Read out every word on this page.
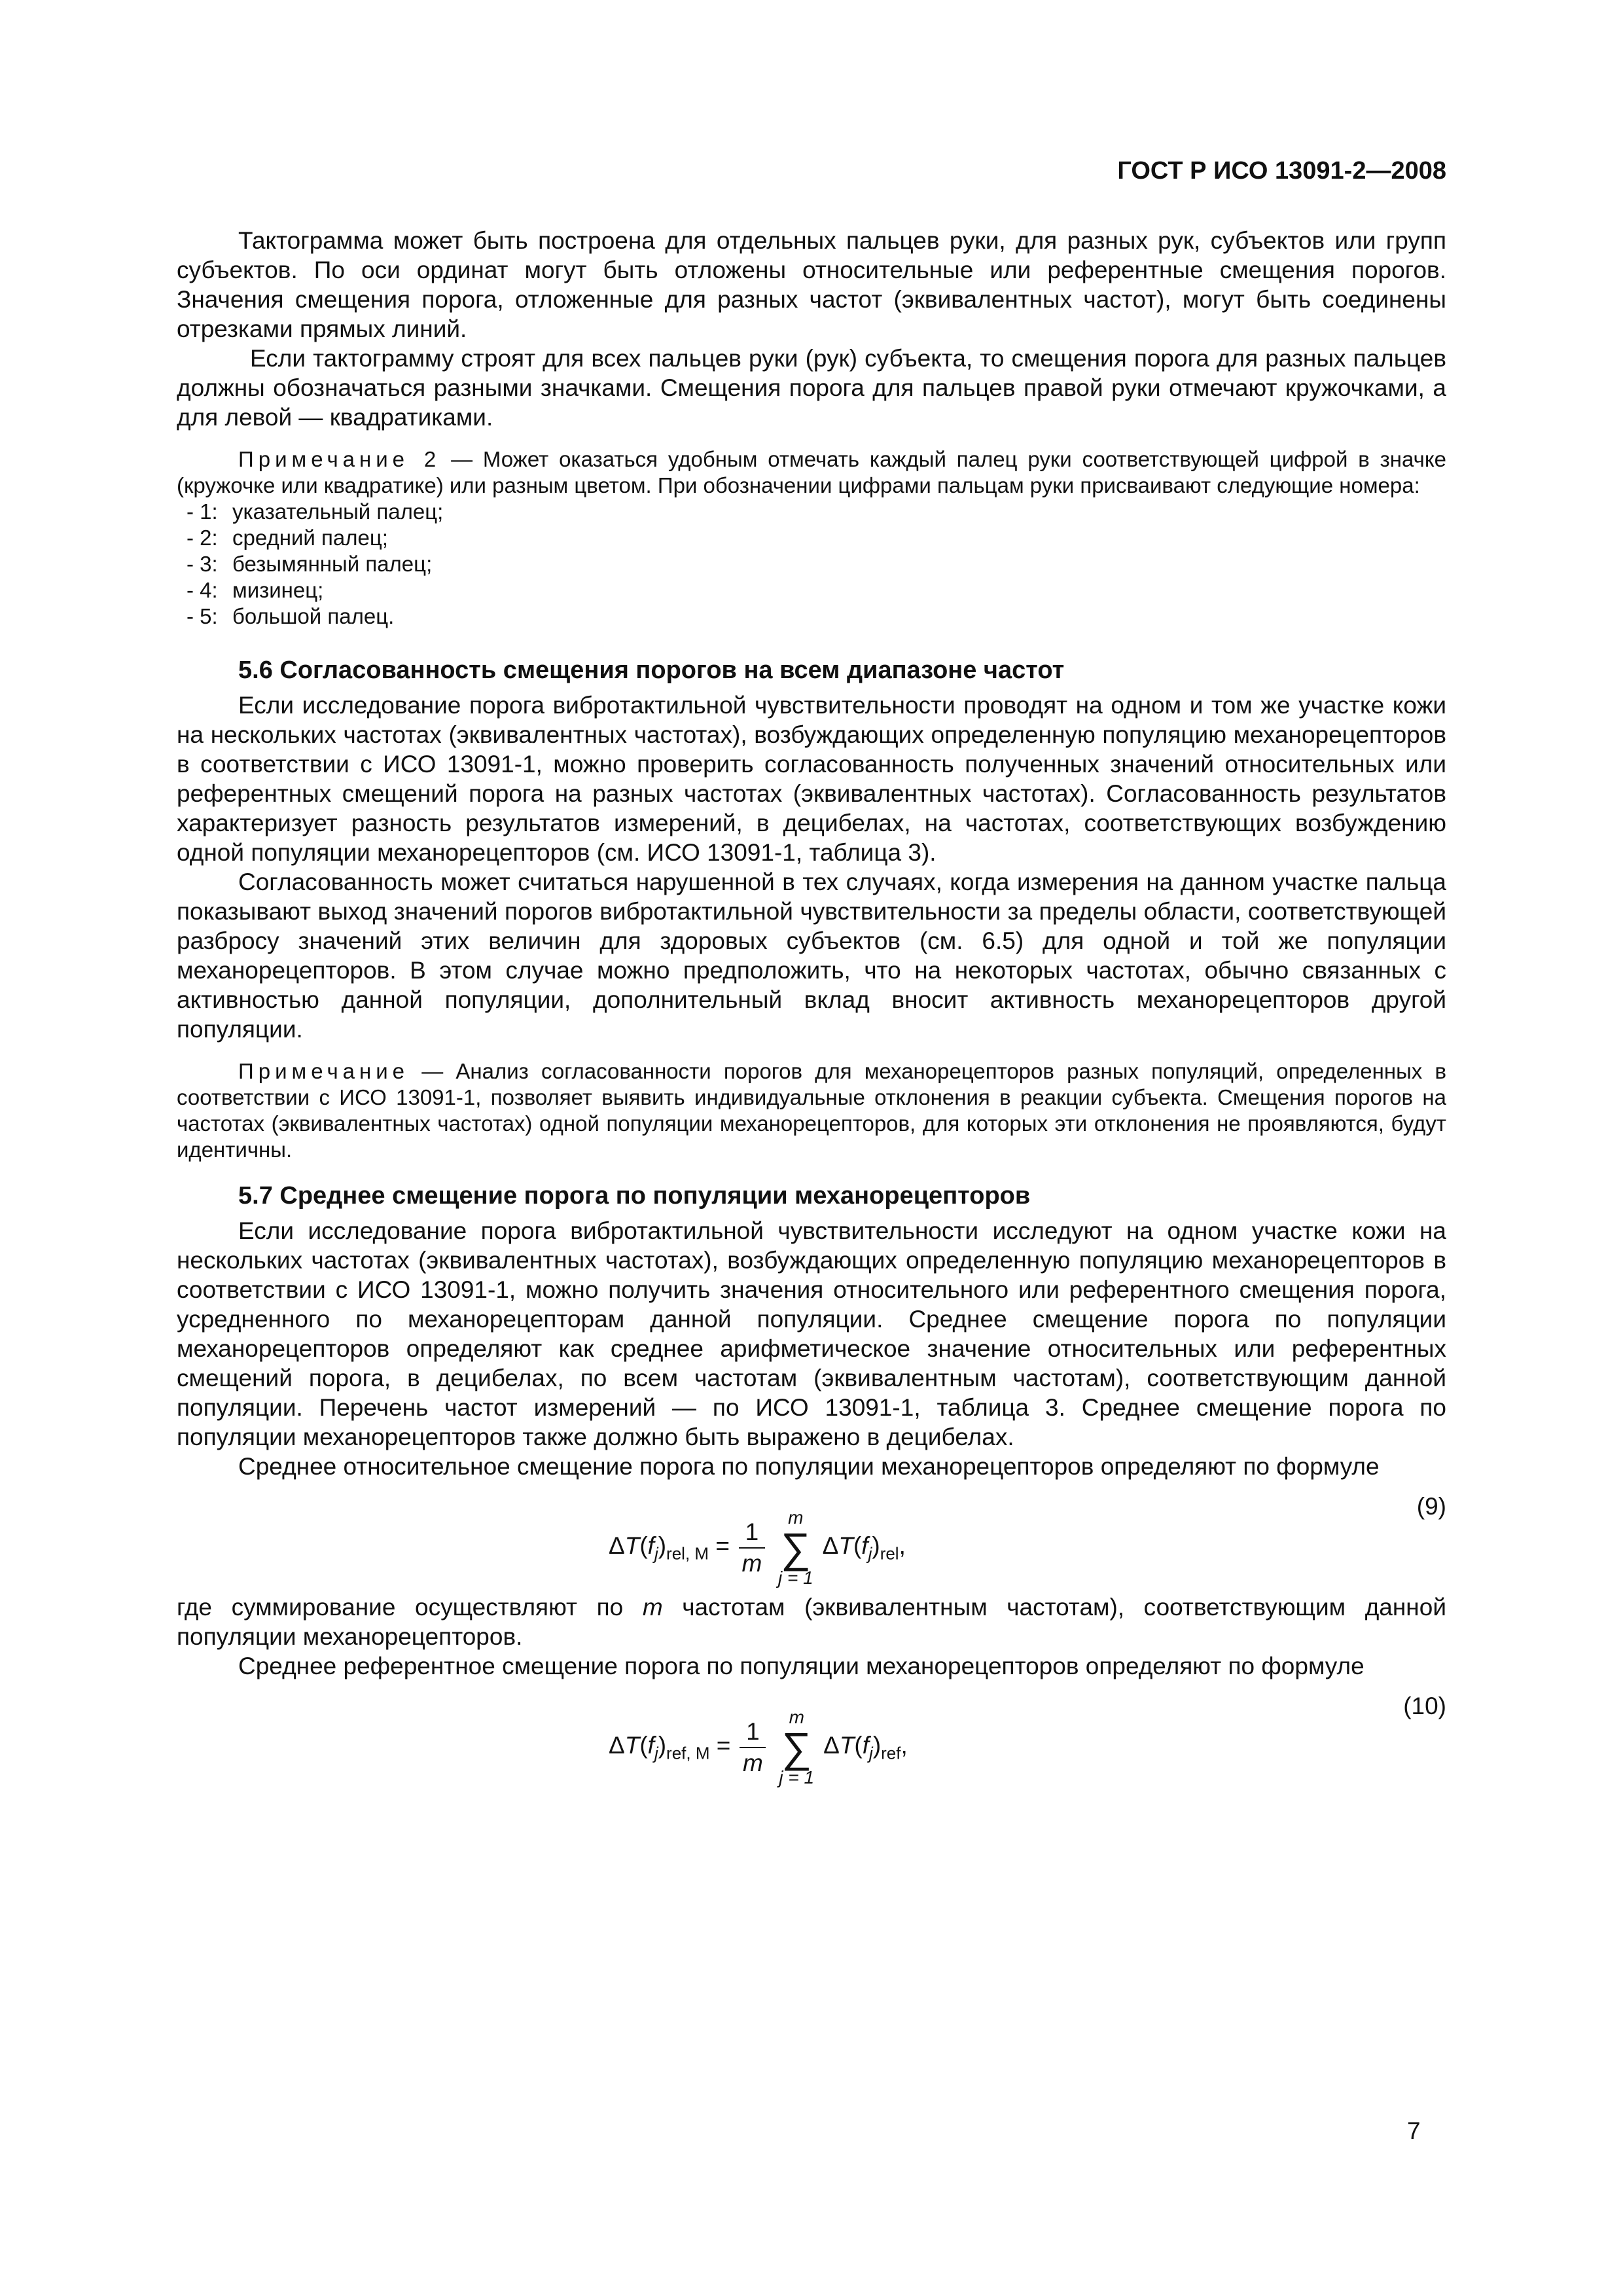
ГОСТ Р ИСО 13091-2—2008

Тактограмма может быть построена для отдельных пальцев руки, для разных рук, субъектов или групп субъектов. По оси ординат могут быть отложены относительные или референтные смещения порогов. Значения смещения порога, отложенные для разных частот (эквивалентных частот), могут быть соединены отрезками прямых линий.

Если тактограмму строят для всех пальцев руки (рук) субъекта, то смещения порога для разных пальцев должны обозначаться разными значками. Смещения порога для пальцев правой руки отмечают кружочками, а для левой — квадратиками.

Примечание 2 — Может оказаться удобным отмечать каждый палец руки соответствующей цифрой в значке (кружочке или квадратике) или разным цветом. При обозначении цифрами пальцам руки присваивают следующие номера:
- 1: указательный палец;
- 2: средний палец;
- 3: безымянный палец;
- 4: мизинец;
- 5: большой палец.
5.6 Согласованность смещения порогов на всем диапазоне частот

Если исследование порога вибротактильной чувствительности проводят на одном и том же участке кожи на нескольких частотах (эквивалентных частотах), возбуждающих определенную популяцию механорецепторов в соответствии с ИСО 13091-1, можно проверить согласованность полученных значений относительных или референтных смещений порога на разных частотах (эквивалентных частотах). Согласованность результатов характеризует разность результатов измерений, в децибелах, на частотах, соответствующих возбуждению одной популяции механорецепторов (см. ИСО 13091-1, таблица 3).

Согласованность может считаться нарушенной в тех случаях, когда измерения на данном участке пальца показывают выход значений порогов вибротактильной чувствительности за пределы области, соответствующей разбросу значений этих величин для здоровых субъектов (см. 6.5) для одной и той же популяции механорецепторов. В этом случае можно предположить, что на некоторых частотах, обычно связанных с активностью данной популяции, дополнительный вклад вносит активность механорецепторов другой популяции.

Примечание — Анализ согласованности порогов для механорецепторов разных популяций, определенных в соответствии с ИСО 13091-1, позволяет выявить индивидуальные отклонения в реакции субъекта. Смещения порогов на частотах (эквивалентных частотах) одной популяции механорецепторов, для которых эти отклонения не проявляются, будут идентичны.
5.7 Среднее смещение порога по популяции механорецепторов

Если исследование порога вибротактильной чувствительности исследуют на одном участке кожи на нескольких частотах (эквивалентных частотах), возбуждающих определенную популяцию механорецепторов в соответствии с ИСО 13091-1, можно получить значения относительного или референтного смещения порога, усредненного по механорецепторам данной популяции. Среднее смещение порога по популяции механорецепторов определяют как среднее арифметическое значение относительных или референтных смещений порога, в децибелах, по всем частотам (эквивалентным частотам), соответствующим данной популяции. Перечень частот измерений — по ИСО 13091-1, таблица 3. Среднее смещение порога по популяции механорецепторов также должно быть выражено в децибелах.

Среднее относительное смещение порога по популяции механорецепторов определяют по формуле

$\Delta T(f_j)_{rel, M} = \frac{1}{m}$
m
∑
j = 1
$\Delta T(f_j)_{rel}$,
(9)

где суммирование осуществляют по m частотам (эквивалентным частотам), соответствующим данной популяции механорецепторов.

Среднее референтное смещение порога по популяции механорецепторов определяют по формуле

$\Delta T(f_j)_{ref, M} = \frac{1}{m}$
m
∑
j = 1
$\Delta T(f_j)_{ref}$,
(10)
7
